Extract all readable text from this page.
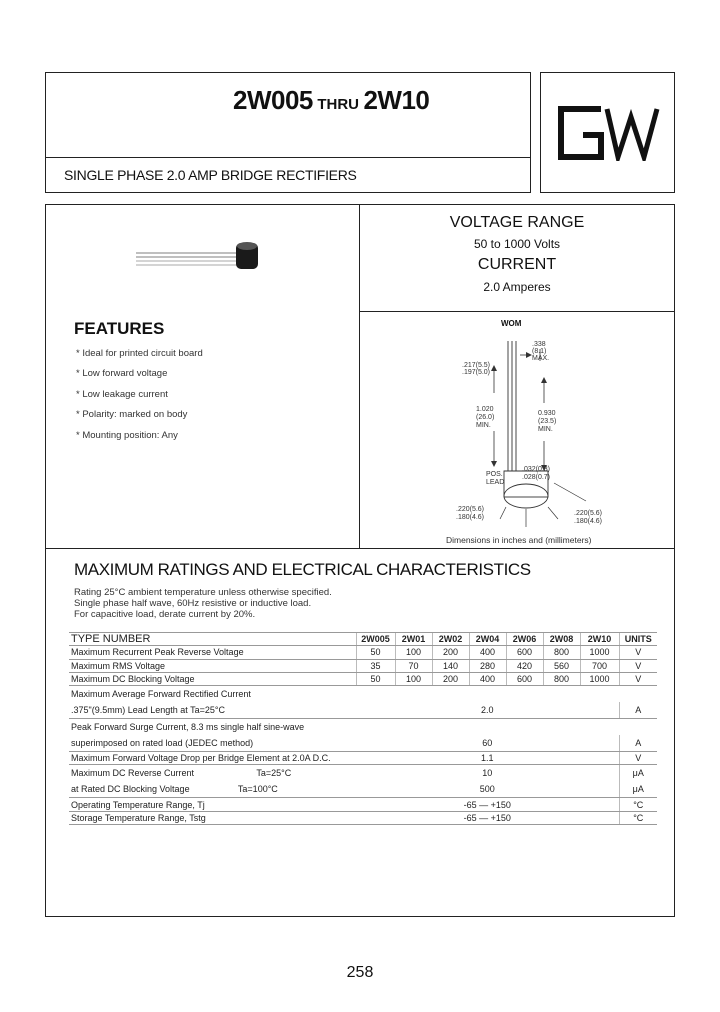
2W005 THRU 2W10
SINGLE PHASE 2.0 AMP BRIDGE RECTIFIERS
VOLTAGE RANGE
50 to 1000 Volts
CURRENT
2.0 Amperes
FEATURES
* Ideal for printed circuit board
* Low forward voltage
* Low leakage current
* Polarity: marked on body
* Mounting position: Any
WOM
.338
(8.1)
MAX.
.217(5.5)
.197(5.0)
1.020
(26.0)
MIN.
0.930
(23.5)
MIN.
.032(0.8)
.028(0.7)
POS.
LEAD
.220(5.6)
.180(4.6)
.220(5.6)
.180(4.6)
Dimensions in inches and (millimeters)
MAXIMUM RATINGS AND ELECTRICAL CHARACTERISTICS
Rating 25°C ambient temperature unless otherwise specified.
Single phase half wave, 60Hz resistive or inductive load.
For capacitive load, derate current by 20%.
TYPE NUMBER	2W005	2W01	2W02	2W04	2W06	2W08	2W10	UNITS
Maximum Recurrent Peak Reverse Voltage	50	100	200	400	600	800	1000	V
Maximum RMS Voltage	35	70	140	280	420	560	700	V
Maximum DC Blocking Voltage	50	100	200	400	600	800	1000	V
Maximum Average Forward Rectified Current								
.375"(9.5mm) Lead Length at Ta=25°C	2.0							A
Peak Forward Surge Current, 8.3 ms single half sine-wave								
superimposed on rated load (JEDEC method)	60							A
Maximum Forward Voltage Drop per Bridge Element at 2.0A D.C.	1.1							V
Maximum DC Reverse Current Ta=25°C	10							μA
at Rated DC Blocking Voltage Ta=100°C	500							μA
Operating Temperature Range, Tj	-65 — +150							°C
Storage Temperature Range, Tstg	-65 — +150							°C
258
